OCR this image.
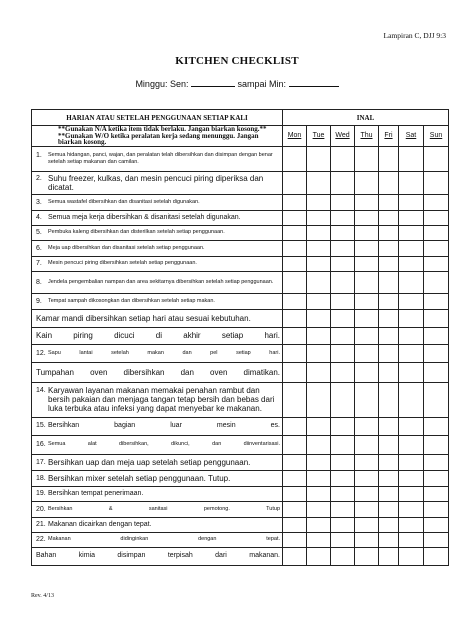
Lampiran C, DJJ 9:3
KITCHEN CHECKLIST
Minggu: Sen:	sampai Min:
HARIAN ATAU SETELAH PENGGUNAAN SETIAP KALI	INAL						

**Gunakan N/A ketika item tidak berlaku. Jangan biarkan kosong.**
**Gunakan W/O ketika peralatan kerja sedang menunggu. Jangan biarkan kosong.	Mon	Tue	Wed	Thu	Fri	Sat	Sun

1. Semua hidangan, panci, wajan, dan peralatan telah dibersihkan dan disimpan dengan benar setelah setiap makanan dan camilan.							

2. Suhu freezer, kulkas, dan mesin pencuci piring diperiksa dan dicatat.							

3. Semua wastafel dibersihkan dan disanitasi setelah digunakan.							

4. Semua meja kerja dibersihkan & disanitasi setelah digunakan.							

5. Pembuka kaleng dibersihkan dan disterilkan setelah setiap penggunaan.							

6. Meja uap dibersihkan dan disanitasi setelah setiap penggunaan.							

7. Mesin pencuci piring dibersihkan setelah setiap penggunaan.							

8. Jendela pengembalian nampan dan area sekitarnya dibersihkan setelah setiap penggunaan.							

9. Tempat sampah dikosongkan dan dibersihkan setelah setiap makan.							

Kamar mandi dibersihkan setiap hari atau sesuai kebutuhan.							

Kain piring dicuci di akhir setiap hari.							

12. Sapu lantai setelah makan dan pel setiap hari.							

Tumpahan oven dibersihkan dan oven dimatikan.							

14. Karyawan layanan makanan memakai penahan rambut dan bersih pakaian dan menjaga tangan tetap bersih dan bebas dari luka terbuka atau infeksi yang dapat menyebar ke makanan.							

15. Bersihkan bagian luar mesin es.							

16. Semua alat dibersihkan, dikunci, dan diinventarisasi.							

17. Bersihkan uap dan meja uap setelah setiap penggunaan.							

18. Bersihkan mixer setelah setiap penggunaan. Tutup.							

19. Bersihkan tempat penerimaan.							

20. Bersihkan & sanitasi pemotong. Tutup							

21. Makanan dicairkan dengan tepat.							

22. Makanan didinginkan dengan tepat.							

Bahan kimia disimpan terpisah dari makanan.							

Rev. 4/13
